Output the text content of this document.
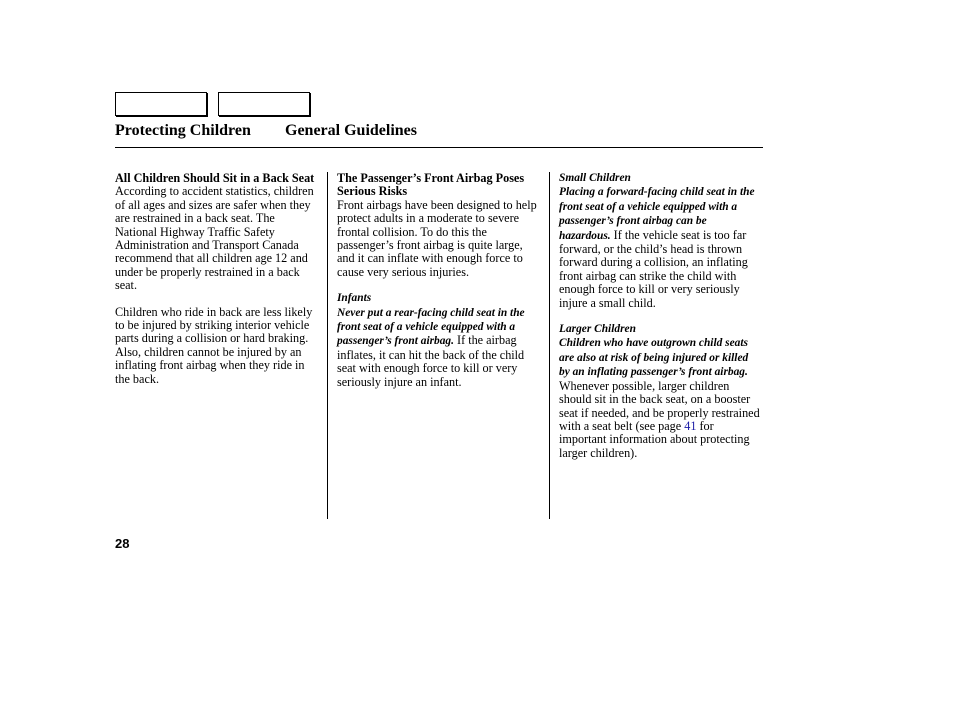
Protecting Children General Guidelines

All Children Should Sit in a Back Seat

According to accident statistics, children of all ages and sizes are safer when they are restrained in a back seat. The National Highway Traffic Safety Administration and Transport Canada recommend that all children age 12 and under be properly restrained in a back seat.

Children who ride in back are less likely to be injured by striking interior vehicle parts during a collision or hard braking. Also, children cannot be injured by an inflating front airbag when they ride in the back.

The Passenger’s Front Airbag Poses Serious Risks

Front airbags have been designed to help protect adults in a moderate to severe frontal collision. To do this the passenger’s front airbag is quite large, and it can inflate with enough force to cause very serious injuries.

Infants

Never put a rear-facing child seat in the front seat of a vehicle equipped with a passenger’s front airbag. If the airbag inflates, it can hit the back of the child seat with enough force to kill or very seriously injure an infant.

Small Children

Placing a forward-facing child seat in the front seat of a vehicle equipped with a passenger’s front airbag can be hazardous. If the vehicle seat is too far forward, or the child’s head is thrown forward during a collision, an inflating front airbag can strike the child with enough force to kill or very seriously injure a small child.

Larger Children

Children who have outgrown child seats are also at risk of being injured or killed by an inflating passenger’s front airbag. Whenever possible, larger children should sit in the back seat, on a booster seat if needed, and be properly restrained with a seat belt (see page 41 for important information about protecting larger children).

28
